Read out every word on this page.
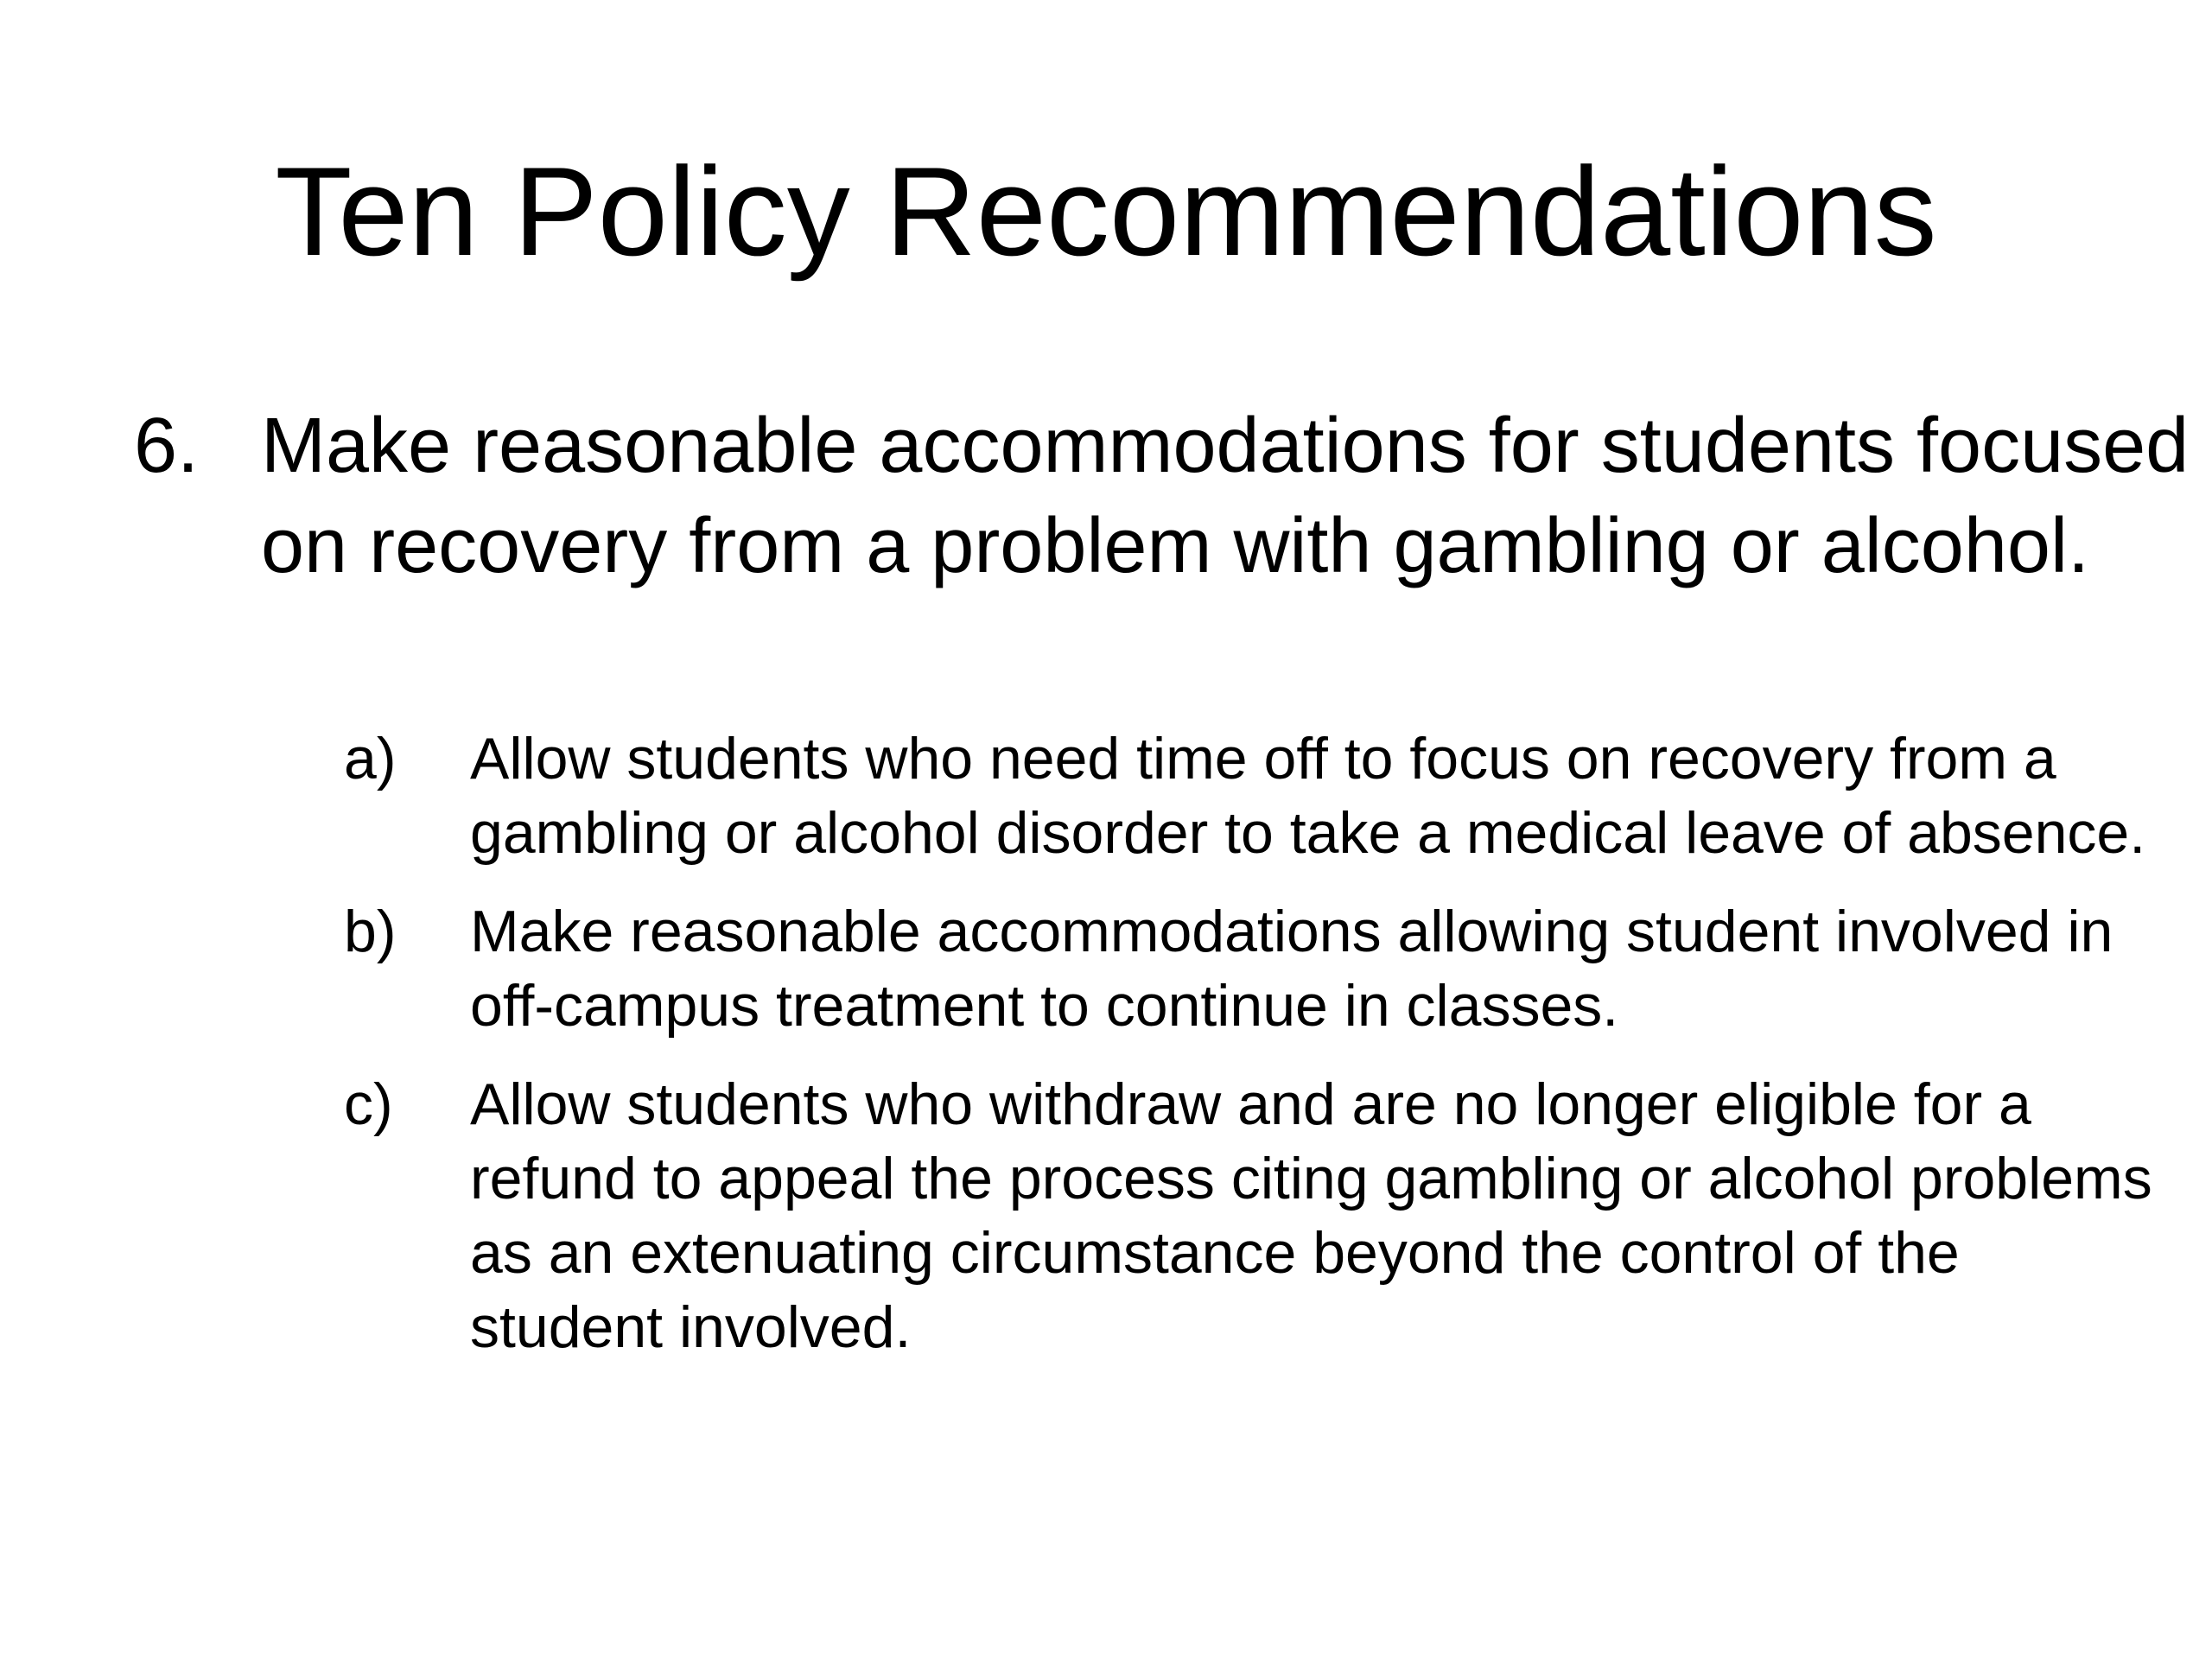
Ten Policy Recommendations
6. Make reasonable accommodations for students focused on recovery from a problem with gambling or alcohol.
a) Allow students who need time off to focus on recovery from a gambling or alcohol disorder to take a medical leave of absence.
b) Make reasonable accommodations allowing student involved in off-campus treatment to continue in classes.
c) Allow students who withdraw and are no longer eligible for a refund to appeal the process citing gambling or alcohol problems as an extenuating circumstance beyond the control of the student involved.
